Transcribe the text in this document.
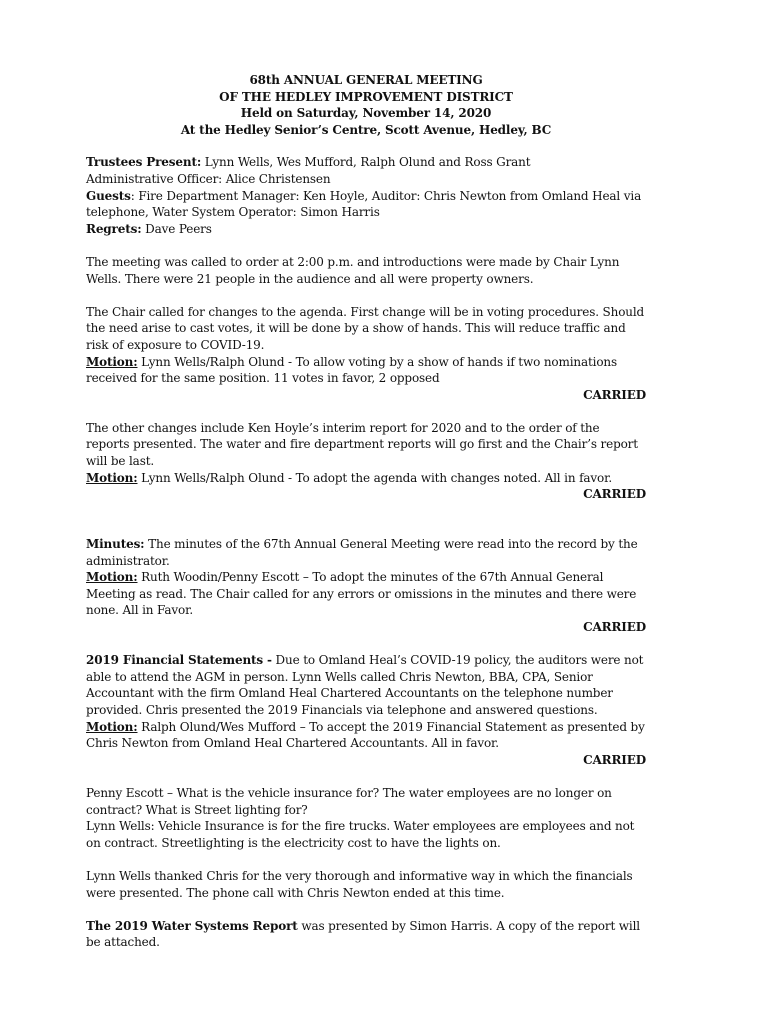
68th ANNUAL GENERAL MEETING
OF THE HEDLEY IMPROVEMENT DISTRICT
Held on Saturday, November 14, 2020
At the Hedley Senior’s Centre, Scott Avenue, Hedley, BC

Trustees Present: Lynn Wells, Wes Mufford, Ralph Olund and Ross Grant

Administrative Officer: Alice Christensen

Guests: Fire Department Manager: Ken Hoyle, Auditor: Chris Newton from Omland Heal via telephone, Water System Operator: Simon Harris

Regrets: Dave Peers

The meeting was called to order at 2:00 p.m. and introductions were made by Chair Lynn Wells. There were 21 people in the audience and all were property owners.

The Chair called for changes to the agenda. First change will be in voting procedures. Should the need arise to cast votes, it will be done by a show of hands. This will reduce traffic and risk of exposure to COVID-19.

Motion: Lynn Wells/Ralph Olund - To allow voting by a show of hands if two nominations received for the same position. 11 votes in favor, 2 opposed

CARRIED

The other changes include Ken Hoyle’s interim report for 2020 and to the order of the reports presented. The water and fire department reports will go first and the Chair’s report will be last.

Motion: Lynn Wells/Ralph Olund - To adopt the agenda with changes noted. All in favor.

CARRIED

Minutes: The minutes of the 67th Annual General Meeting were read into the record by the administrator.

Motion: Ruth Woodin/Penny Escott – To adopt the minutes of the 67th Annual General Meeting as read. The Chair called for any errors or omissions in the minutes and there were none. All in Favor.

CARRIED

2019 Financial Statements - Due to Omland Heal’s COVID-19 policy, the auditors were not able to attend the AGM in person. Lynn Wells called Chris Newton, BBA, CPA, Senior Accountant with the firm Omland Heal Chartered Accountants on the telephone number provided. Chris presented the 2019 Financials via telephone and answered questions.

Motion: Ralph Olund/Wes Mufford – To accept the 2019 Financial Statement as presented by Chris Newton from Omland Heal Chartered Accountants. All in favor.

CARRIED

Penny Escott – What is the vehicle insurance for? The water employees are no longer on contract? What is Street lighting for?

Lynn Wells: Vehicle Insurance is for the fire trucks. Water employees are employees and not on contract. Streetlighting is the electricity cost to have the lights on.

Lynn Wells thanked Chris for the very thorough and informative way in which the financials were presented. The phone call with Chris Newton ended at this time.

The 2019 Water Systems Report was presented by Simon Harris. A copy of the report will be attached.
